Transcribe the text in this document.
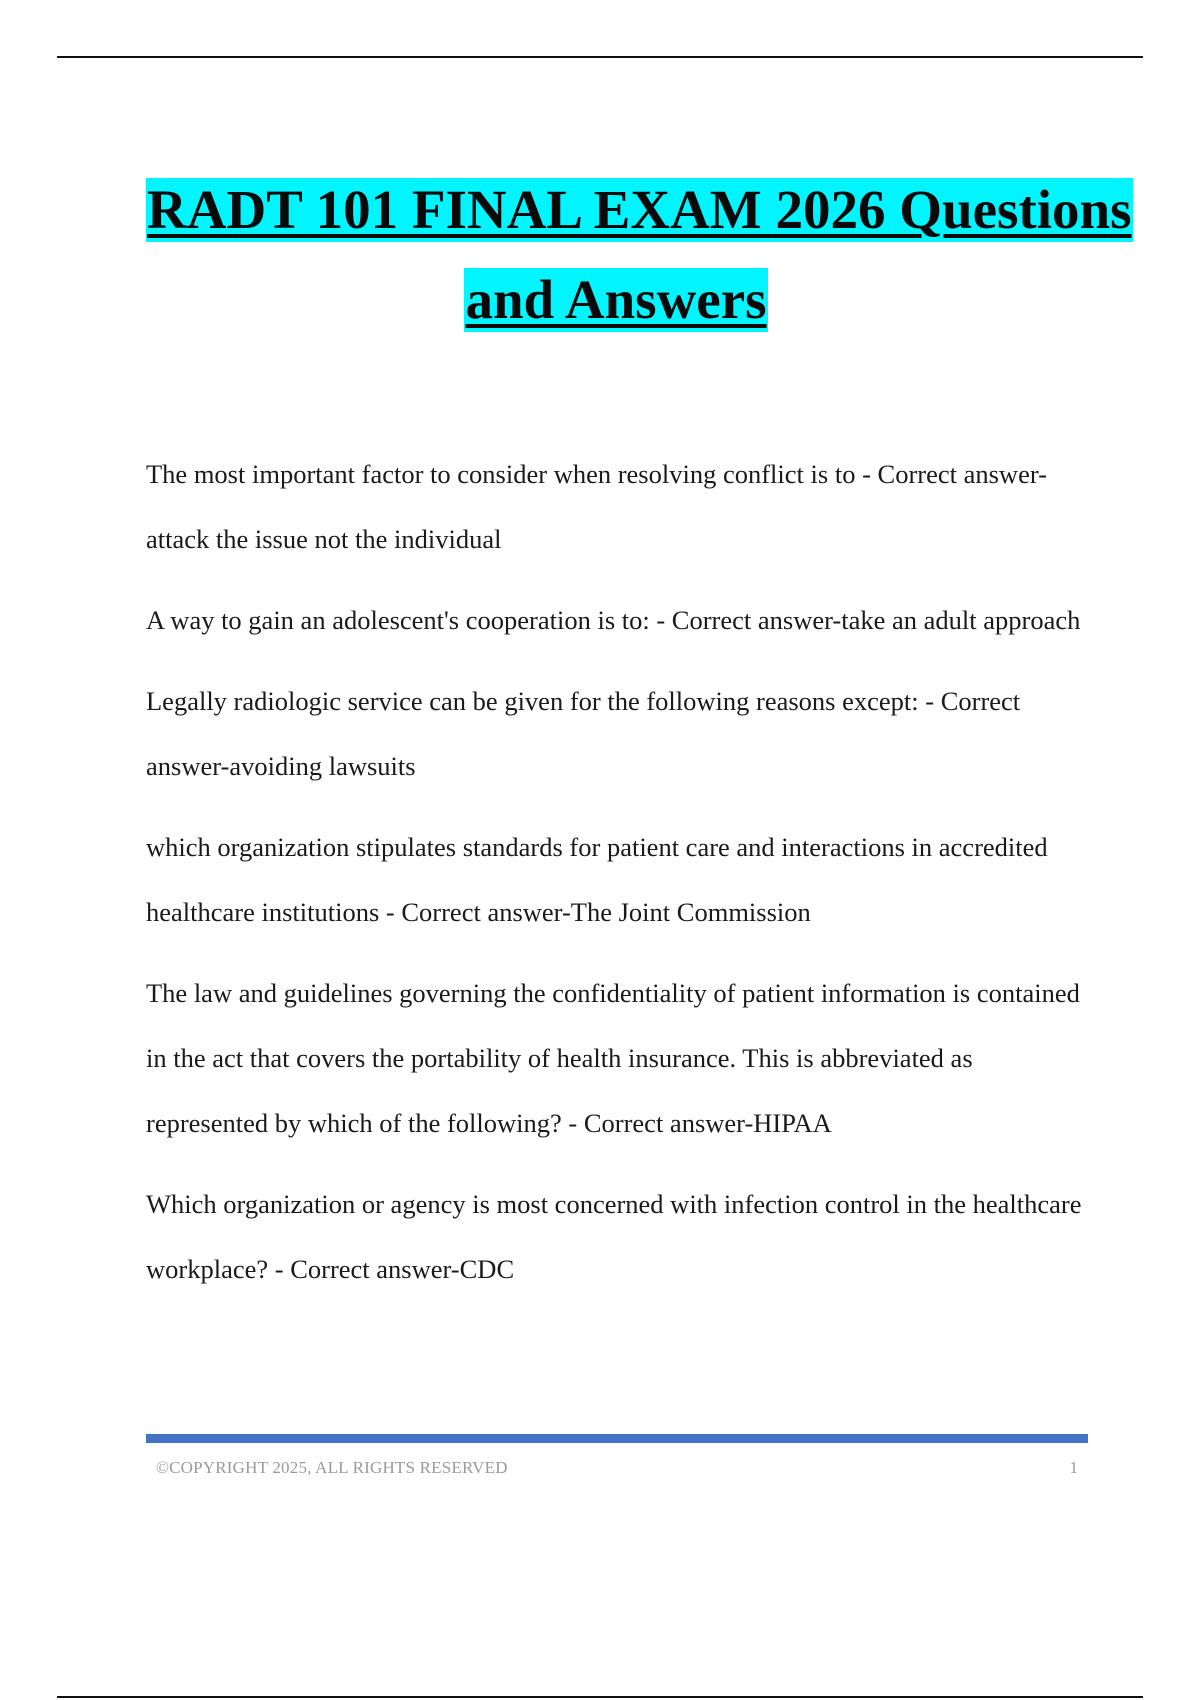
RADT 101 FINAL EXAM 2026 Questions
and Answers

The most important factor to consider when resolving conflict is to - Correct answer-attack the issue not the individual

A way to gain an adolescent's cooperation is to: - Correct answer-take an adult approach

Legally radiologic service can be given for the following reasons except: - Correct answer-avoiding lawsuits

which organization stipulates standards for patient care and interactions in accredited healthcare institutions - Correct answer-The Joint Commission

The law and guidelines governing the confidentiality of patient information is contained in the act that covers the portability of health insurance. This is abbreviated as represented by which of the following? - Correct answer-HIPAA

Which organization or agency is most concerned with infection control in the healthcare workplace? - Correct answer-CDC

©COPYRIGHT 2025, ALL RIGHTS RESERVED	1
